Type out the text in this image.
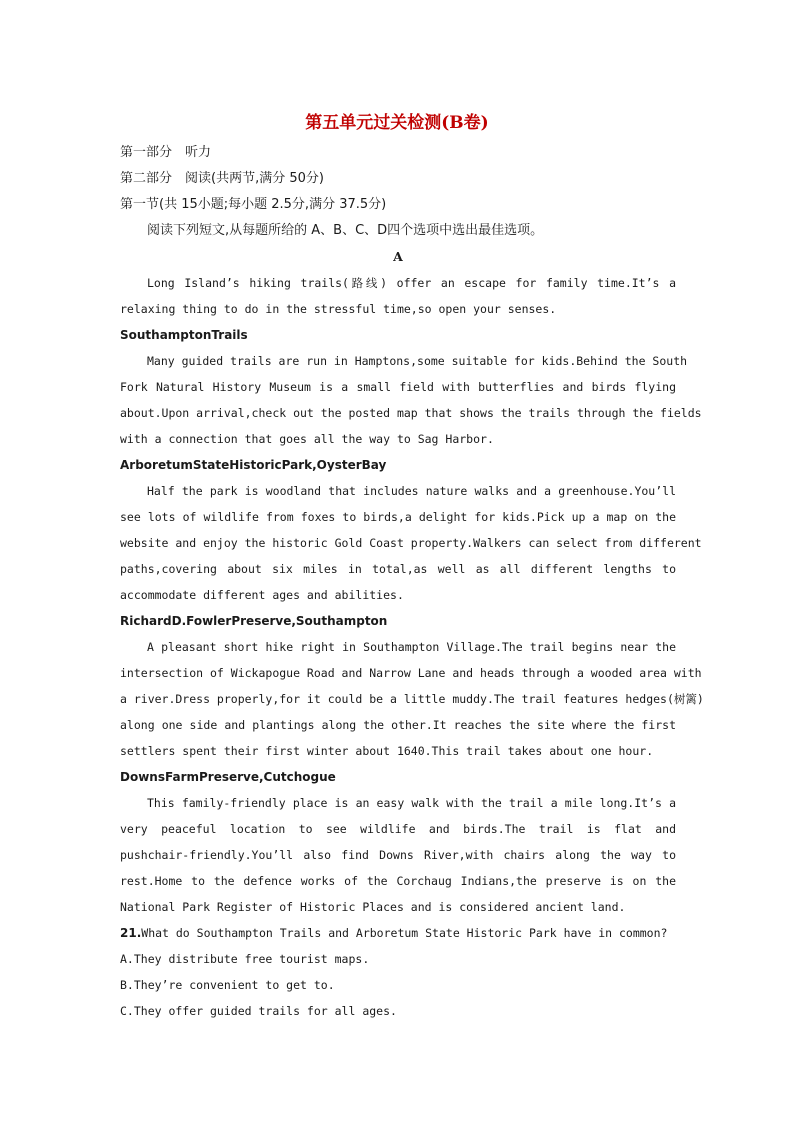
第五单元过关检测(B卷)
第一部分　听力
第二部分　阅读(共两节,满分 50分)
第一节(共 15小题;每小题 2.5分,满分 37.5分)
阅读下列短文,从每题所给的 A、B、C、D四个选项中选出最佳选项。
A
Long Island’s hiking trails(路线) offer an escape for family time.It’s a
relaxing thing to do in the stressful time,so open your senses.
SouthamptonTrails
Many guided trails are run in Hamptons,some suitable for kids.Behind the South
Fork Natural History Museum is a small field with butterflies and birds flying
about.Upon arrival,check out the posted map that shows the trails through the fields
with a connection that goes all the way to Sag Harbor.
ArboretumStateHistoricPark,OysterBay
Half the park is woodland that includes nature walks and a greenhouse.You’ll
see lots of wildlife from foxes to birds,a delight for kids.Pick up a map on the
website and enjoy the historic Gold Coast property.Walkers can select from different
paths,covering about six miles in total,as well as all different lengths to
accommodate different ages and abilities.
RichardD.FowlerPreserve,Southampton
A pleasant short hike right in Southampton Village.The trail begins near the
intersection of Wickapogue Road and Narrow Lane and heads through a wooded area with
a river.Dress properly,for it could be a little muddy.The trail features hedges(树篱)
along one side and plantings along the other.It reaches the site where the first
settlers spent their first winter about 1640.This trail takes about one hour.
DownsFarmPreserve,Cutchogue
This family-friendly place is an easy walk with the trail a mile long.It’s a
very peaceful location to see wildlife and birds.The trail is flat and
pushchair-friendly.You’ll also find Downs River,with chairs along the way to
rest.Home to the defence works of the Corchaug Indians,the preserve is on the
National Park Register of Historic Places and is considered ancient land.
21.What do Southampton Trails and Arboretum State Historic Park have in common?
A.They distribute free tourist maps.
B.They’re convenient to get to.
C.They offer guided trails for all ages.
